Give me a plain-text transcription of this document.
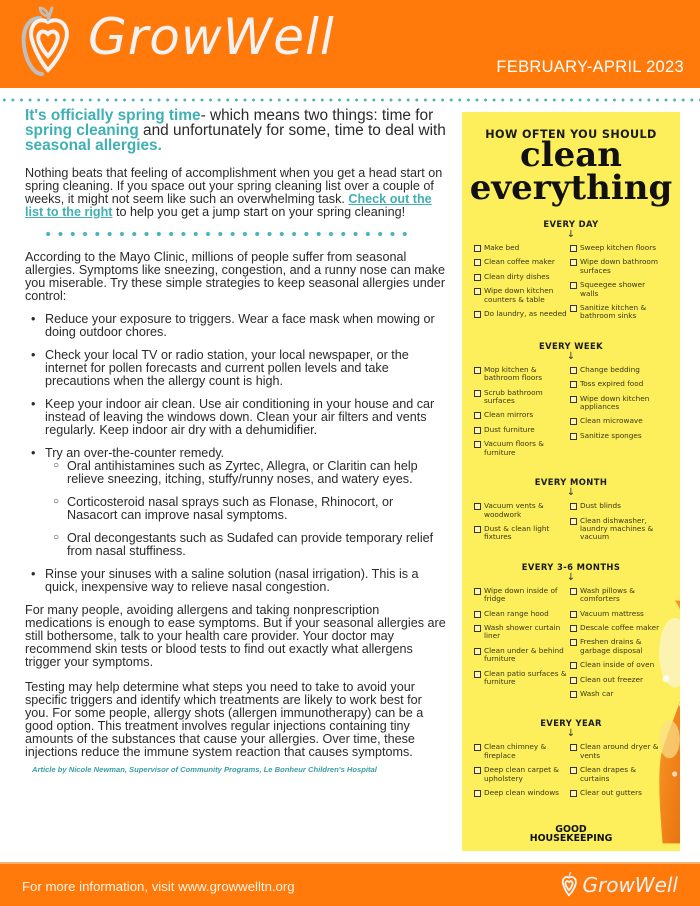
GrowWell
FEBRUARY-APRIL 2023
It's officially spring time- which means two things: time for spring cleaning and unfortunately for some, time to deal with seasonal allergies.
Nothing beats that feeling of accomplishment when you get a head start on spring cleaning. If you space out your spring cleaning list over a couple of weeks, it might not seem like such an overwhelming task. Check out the list to the right to help you get a jump start on your spring cleaning!
According to the Mayo Clinic, millions of people suffer from seasonal allergies. Symptoms like sneezing, congestion, and a runny nose can make you miserable. Try these simple strategies to keep seasonal allergies under control:
• Reduce your exposure to triggers. Wear a face mask when mowing or doing outdoor chores.
• Check your local TV or radio station, your local newspaper, or the internet for pollen forecasts and current pollen levels and take precautions when the allergy count is high.
• Keep your indoor air clean. Use air conditioning in your house and car instead of leaving the windows down. Clean your air filters and vents regularly. Keep indoor air dry with a dehumidifier.
• Try an over-the-counter remedy.
○ Oral antihistamines such as Zyrtec, Allegra, or Claritin can help relieve sneezing, itching, stuffy/runny noses, and watery eyes.
○ Corticosteroid nasal sprays such as Flonase, Rhinocort, or Nasacort can improve nasal symptoms.
○ Oral decongestants such as Sudafed can provide temporary relief from nasal stuffiness.
• Rinse your sinuses with a saline solution (nasal irrigation). This is a quick, inexpensive way to relieve nasal congestion.
For many people, avoiding allergens and taking nonprescription medications is enough to ease symptoms. But if your seasonal allergies are still bothersome, talk to your health care provider. Your doctor may recommend skin tests or blood tests to find out exactly what allergens trigger your symptoms.
Testing may help determine what steps you need to take to avoid your specific triggers and identify which treatments are likely to work best for you. For some people, allergy shots (allergen immunotherapy) can be a good option. This treatment involves regular injections containing tiny amounts of the substances that cause your allergies. Over time, these injections reduce the immune system reaction that causes symptoms.
Article by Nicole Newman, Supervisor of Community Programs, Le Bonheur Children's Hospital
HOW OFTEN YOU SHOULD
clean
everything
EVERY DAY
↓
Make bed
Clean coffee maker
Clean dirty dishes
Wipe down kitchen counters & table
Do laundry, as needed
Sweep kitchen floors
Wipe down bathroom surfaces
Squeegee shower walls
Sanitize kitchen & bathroom sinks
EVERY WEEK
↓
Mop kitchen & bathroom floors
Scrub bathroom surfaces
Clean mirrors
Dust furniture
Vacuum floors & furniture
Change bedding
Toss expired food
Wipe down kitchen appliances
Clean microwave
Sanitize sponges
EVERY MONTH
↓
Vacuum vents & woodwork
Dust & clean light fixtures
Dust blinds
Clean dishwasher, laundry machines & vacuum
EVERY 3-6 MONTHS
↓
Wipe down inside of fridge
Clean range hood
Wash shower curtain liner
Clean under & behind furniture
Clean patio surfaces & furniture
Wash pillows & comforters
Vacuum mattress
Descale coffee maker
Freshen drains & garbage disposal
Clean inside of oven
Clean out freezer
Wash car
EVERY YEAR
↓
Clean chimney & fireplace
Deep clean carpet & upholstery
Deep clean windows
Clean around dryer & vents
Clean drapes & curtains
Clear out gutters
GOOD
HOUSEKEEPING
For more information, visit www.growwelltn.org	GrowWell
